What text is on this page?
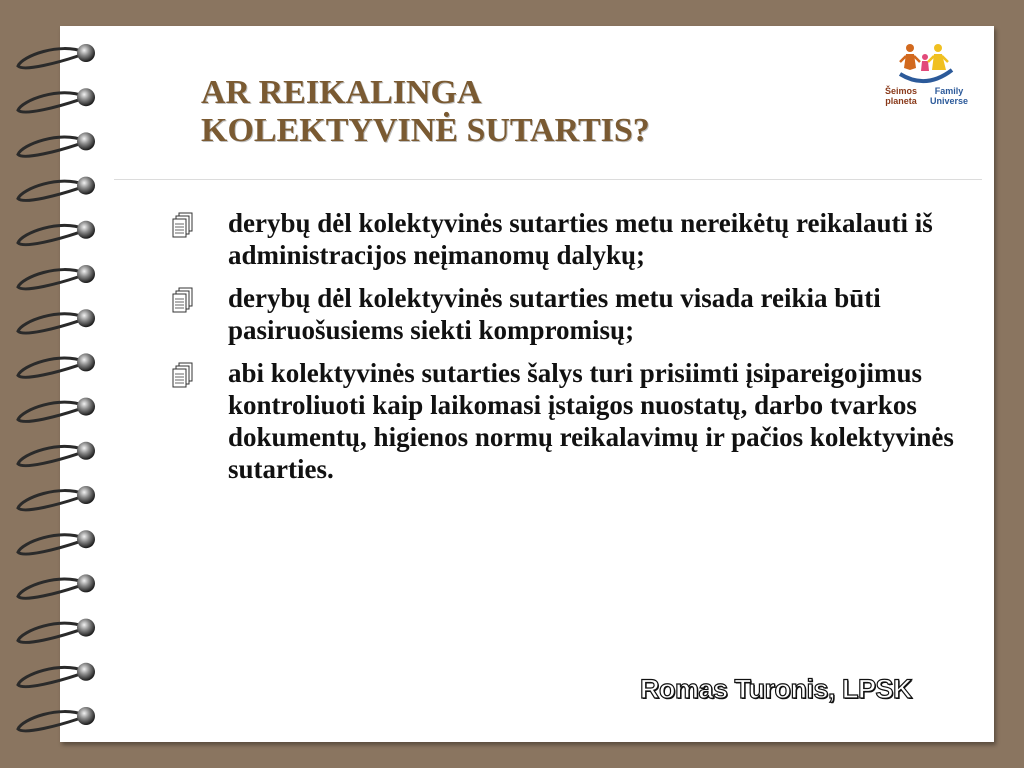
AR REIKALINGA
KOLEKTYVINĖ SUTARTIS?
Šeimos planeta
Family Universe
derybų dėl kolektyvinės sutarties metu nereikėtų reikalauti iš administracijos neįmanomų dalykų;
derybų dėl kolektyvinės sutarties metu visada reikia būti pasiruošusiems siekti kompromisų;
abi kolektyvinės sutarties šalys turi prisiimti įsipareigojimus kontroliuoti kaip laikomasi įstaigos nuostatų, darbo tvarkos dokumentų, higienos normų reikalavimų ir pačios kolektyvinės sutarties.
Romas Turonis, LPSK
